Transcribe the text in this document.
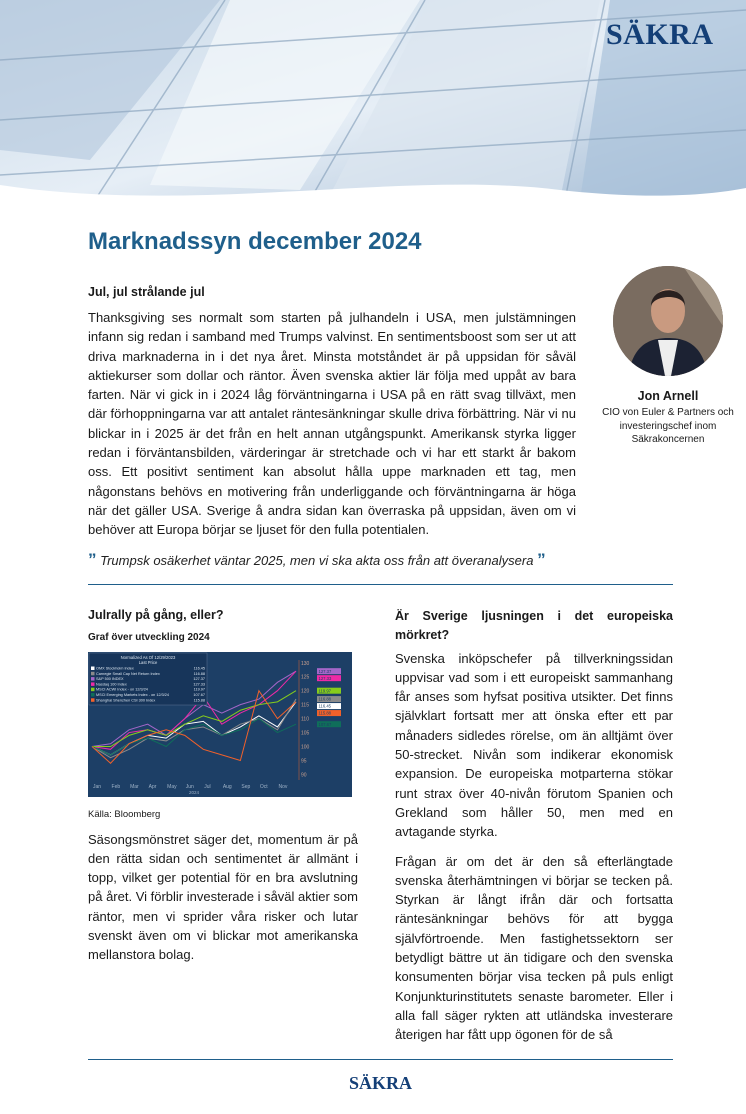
SÄKRA
Marknadssyn december 2024
Jul, jul strålande jul

Thanksgiving ses normalt som starten på julhandeln i USA, men julstämningen infann sig redan i samband med Trumps valvinst. En sentimentsboost som ser ut att driva marknaderna in i det nya året. Minsta motståndet är på uppsidan för såväl aktiekurser som dollar och räntor. Även svenska aktier lär följa med uppåt av bara farten. När vi gick in i 2024 låg förväntningarna i USA på en rätt svag tillväxt, men där förhoppningarna var att antalet räntesänkningar skulle driva förbättring. När vi nu blickar in i 2025 är det från en helt annan utgångspunkt. Amerikansk styrka ligger redan i förväntansbilden, värderingar är stretchade och vi har ett starkt år bakom oss. Ett positivt sentiment kan absolut hålla uppe marknaden ett tag, men någonstans behövs en motivering från underliggande och förväntningarna är höga när det gäller USA. Sverige å andra sidan kan överraska på uppsidan, även om vi behöver att Europa börjar se ljuset för den fulla potentialen.

Jon Arnell
CIO von Euler & Partners och investeringschef inom Säkrakoncernen
” Trumpsk osäkerhet väntar 2025, men vi ska akta oss från att överanalysera ”
Julrally på gång, eller?
Graf över utveckling 2024
90
95
100
105
110
115
120
125
130
Jan Feb Mar Apr May Jun Jul Aug Sep Oct Nov
2024
127.37
127.33
119.97
116.88
116.45
115.88
107.67
Normalized As Of 12/29/2023
Last Price
OMX Stockholm Index	116.45
Carnegie Small Cap Net Return Index	116.88
S&P 500 INDEX	127.37
Nasdaq 100 Index	127.33
MSCI ACWI Index - on 12/3/24	119.97
MSCI Emerging Markets Index - on 12/3/24	107.67
Shanghai Shenzhen CSI 300 Index	115.88
Källa: Bloomberg

Säsongsmönstret säger det, momentum är på den rätta sidan och sentimentet är allmänt i topp, vilket ger potential för en bra avslutning på året. Vi förblir investerade i såväl aktier som räntor, men vi sprider våra risker och lutar svenskt även om vi blickar mot amerikanska mellanstora bolag.

Är Sverige ljusningen i det europeiska mörkret?

Svenska inköpschefer på tillverkningssidan uppvisar vad som i ett europeiskt sammanhang får anses som hyfsat positiva utsikter. Det finns självklart fortsatt mer att önska efter ett par månaders sidledes rörelse, om än alltjämt över 50-strecket. Nivån som indikerar ekonomisk expansion. De europeiska motparterna stökar runt strax över 40-nivån förutom Spanien och Grekland som håller 50, men med en avtagande styrka.

Frågan är om det är den så efterlängtade svenska återhämtningen vi börjar se tecken på. Styrkan är långt ifrån där och fortsatta räntesänkningar behövs för att bygga självförtroende. Men fastighetssektorn ser betydligt bättre ut än tidigare och den svenska konsumenten börjar visa tecken på puls enligt Konjunkturinstitutets senaste barometer. Eller i alla fall säger rykten att utländska investerare återigen har fått upp ögonen för de så

SÄKRA
